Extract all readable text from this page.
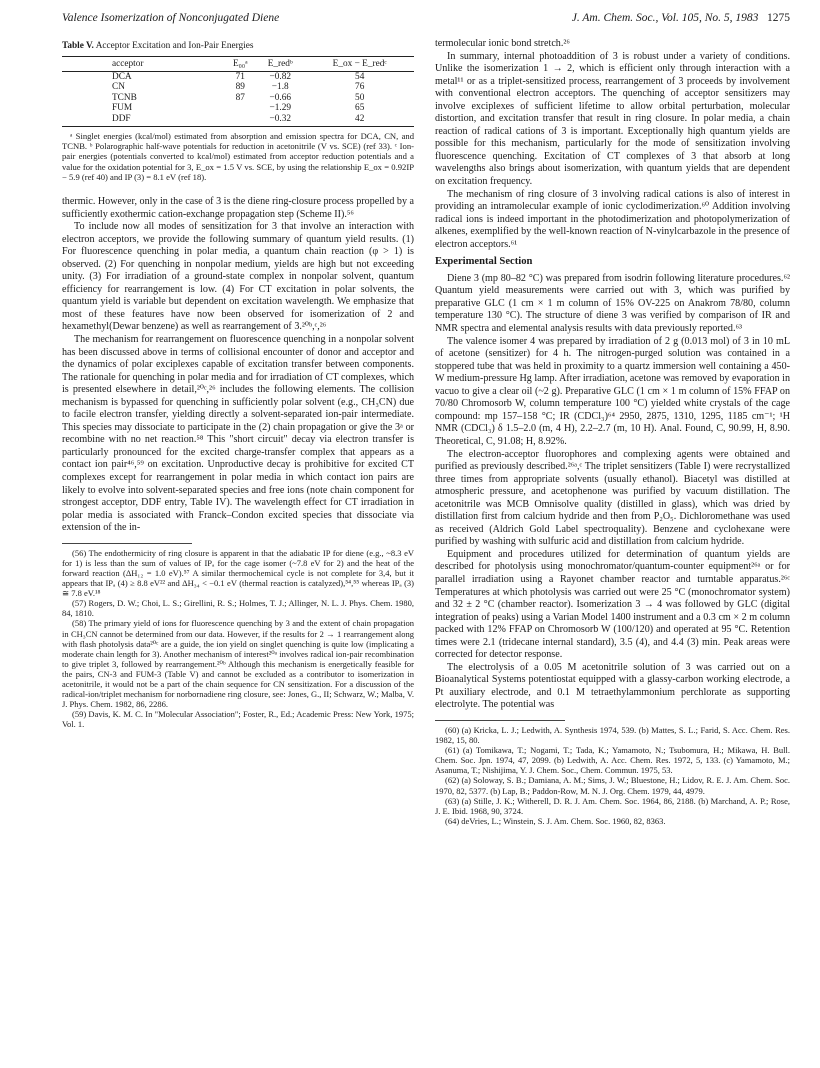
Valence Isomerization of Nonconjugated Diene	J. Am. Chem. Soc., Vol. 105, No. 5, 1983 1275
Table V. Acceptor Excitation and Ion-Pair Energies
acceptor	E₀₀ᵃ	E_redᵇ	E_ox − E_redᶜ
DCA	71	−0.82	54
CN	89	−1.8	76
TCNB	87	−0.66	50
FUM		−1.29	65
DDF		−0.32	42

ᵃ Singlet energies (kcal/mol) estimated from absorption and emission spectra for DCA, CN, and TCNB. ᵇ Polarographic half-wave potentials for reduction in acetonitrile (V vs. SCE) (ref 33). ᶜ Ion-pair energies (potentials converted to kcal/mol) estimated from acceptor reduction potentials and a value for the oxidation potential for 3, E_ox = 1.5 V vs. SCE, by using the relationship E_ox = 0.92IP − 5.9 (ref 40) and IP (3) = 8.1 eV (ref 18).

thermic. However, only in the case of 3 is the diene ring-closure process propelled by a sufficiently exothermic cation-exchange propagation step (Scheme II).⁵⁶

To include now all modes of sensitization for 3 that involve an interaction with electron acceptors, we provide the following summary of quantum yield results. (1) For fluorescence quenching in polar media, a quantum chain reaction (φ > 1) is observed. (2) For quenching in nonpolar medium, yields are high but not exceeding unity. (3) For irradiation of a ground-state complex in nonpolar solvent, quantum efficiency for rearrangement is low. (4) For CT excitation in polar solvents, the quantum yield is variable but dependent on excitation wavelength. We emphasize that most of these features have now been observed for isomerization of 2 and hexamethyl(Dewar benzene) as well as rearrangement of 3.²⁰ᵇ,ᶜ,²⁶

The mechanism for rearrangement on fluorescence quenching in a nonpolar solvent has been discussed above in terms of collisional encounter of donor and acceptor and the dynamics of polar exciplexes capable of excitation transfer between components. The rationale for quenching in polar media and for irradiation of CT complexes, which is presented elsewhere in detail,²⁰ᶜ,²⁶ includes the following elements. The collision mechanism is bypassed for quenching in sufficiently polar solvent (e.g., CH₃CN) due to facile electron transfer, yielding directly a solvent-separated ion-pair intermediate. This species may dissociate to participate in the (2) chain propagation or give the 3ᵃ or recombine with no net reaction.⁵⁸ This "short circuit" decay via electron transfer is particularly pronounced for the excited charge-transfer complex that appears as a contact ion pair⁴⁶,⁵⁹ on excitation. Unproductive decay is prohibitive for excited CT complexes except for rearrangement in polar media in which contact ion pairs are likely to evolve into solvent-separated species and free ions (note chain component for strongest acceptor, DDF entry, Table IV). The wavelength effect for CT irradiation in polar media is associated with Franck–Condon excited species that dissociate via extension of the in-

(56) The endothermicity of ring closure is apparent in that the adiabatic IP for diene (e.g., ~8.3 eV for 1) is less than the sum of values of IPₐ for the cage isomer (~7.8 eV for 2) and the heat of the forward reaction (ΔH₁₂ = 1.0 eV).⁵⁷ A similar thermochemical cycle is not complete for 3,4, but it appears that IPₐ (4) ≥ 8.8 eV²² and ΔH₃₄ < −0.1 eV (thermal reaction is catalyzed),⁵⁴,⁵⁵ whereas IPₐ (3) ≅ 7.8 eV.¹⁸

(57) Rogers, D. W.; Choi, L. S.; Girellini, R. S.; Holmes, T. J.; Allinger, N. L. J. Phys. Chem. 1980, 84, 1810.

(58) The primary yield of ions for fluorescence quenching by 3 and the extent of chain propagation in CH₃CN cannot be determined from our data. However, if the results for 2 → 1 rearrangement along with flash photolysis data²⁰ᶜ are a guide, the ion yield on singlet quenching is quite low (implicating a moderate chain length for 3). Another mechanism of interest²⁰ᵃ involves radical ion-pair recombination to give triplet 3, followed by rearrangement.²⁰ᵇ Although this mechanism is energetically feasible for the pairs, CN-3 and FUM-3 (Table V) and cannot be excluded as a contributor to isomerization in acetonitrile, it would not be a part of the chain sequence for CN sensitization. For a discussion of the radical-ion/triplet mechanism for norbornadiene ring closure, see: Jones, G., II; Schwarz, W.; Malba, V. J. Phys. Chem. 1982, 86, 2286.

(59) Davis, K. M. C. In "Molecular Association"; Foster, R., Ed.; Academic Press: New York, 1975; Vol. 1.

termolecular ionic bond stretch.²⁶

In summary, internal photoaddition of 3 is robust under a variety of conditions. Unlike the isomerization 1 → 2, which is efficient only through interaction with a metal¹¹ or as a triplet-sensitized process, rearrangement of 3 proceeds by involvement with conventional electron acceptors. The quenching of acceptor sensitizers may involve exciplexes of sufficient lifetime to allow orbital perturbation, molecular distortion, and excitation transfer that result in ring closure. In polar media, a chain reaction of radical cations of 3 is important. Exceptionally high quantum yields are possible for this mechanism, particularly for the mode of sensitization involving fluorescence quenching. Excitation of CT complexes of 3 that absorb at long wavelengths also brings about isomerization, with quantum yields that are dependent on excitation frequency.

The mechanism of ring closure of 3 involving radical cations is also of interest in providing an intramolecular example of ionic cyclodimerization.⁶⁰ Addition involving radical ions is indeed important in the photodimerization and photopolymerization of alkenes, exemplified by the well-known reaction of N-vinylcarbazole in the presence of electron acceptors.⁶¹

Experimental Section

Diene 3 (mp 80–82 °C) was prepared from isodrin following literature procedures.⁶² Quantum yield measurements were carried out with 3, which was purified by preparative GLC (1 cm × 1 m column of 15% OV-225 on Anakrom 78/80, column temperature 130 °C). The structure of diene 3 was verified by comparison of IR and NMR spectra and elemental analysis results with data previously reported.⁶³

The valence isomer 4 was prepared by irradiation of 2 g (0.013 mol) of 3 in 10 mL of acetone (sensitizer) for 4 h. The nitrogen-purged solution was contained in a stoppered tube that was held in proximity to a quartz immersion well containing a 450-W medium-pressure Hg lamp. After irradiation, acetone was removed by evaporation in vacuo to give a clear oil (~2 g). Preparative GLC (1 cm × 1 m column of 15% FFAP on 70/80 Chromosorb W, column temperature 100 °C) yielded white crystals of the cage compound: mp 157–158 °C; IR (CDCl₃)⁶⁴ 2950, 2875, 1310, 1295, 1185 cm⁻¹; ¹H NMR (CDCl₃) δ 1.5–2.0 (m, 4 H), 2.2–2.7 (m, 10 H). Anal. Found, C, 90.99, H, 8.90. Theoretical, C, 91.08; H, 8.92%.

The electron-acceptor fluorophores and complexing agents were obtained and purified as previously described.²⁶ᵃ,ᶜ The triplet sensitizers (Table I) were recrystallized three times from appropriate solvents (usually ethanol). Biacetyl was distilled at atmospheric pressure, and acetophenone was purified by vacuum distillation. The acetonitrile was MCB Omnisolve quality (distilled in glass), which was dried by distillation first from calcium hydride and then from P₂O₅. Dichloromethane was used as received (Aldrich Gold Label spectroquality). Benzene and cyclohexane were purified by washing with sulfuric acid and distillation from calcium hydride.

Equipment and procedures utilized for determination of quantum yields are described for photolysis using monochromator/quantum-counter equipment²⁶ᵃ or for parallel irradiation using a Rayonet chamber reactor and turntable apparatus.²⁶ᶜ Temperatures at which photolysis was carried out were 25 °C (monochromator system) and 32 ± 2 °C (chamber reactor). Isomerization 3 → 4 was followed by GLC (digital integration of peaks) using a Varian Model 1400 instrument and a 0.3 cm × 2 m column packed with 12% FFAP on Chromosorb W (100/120) and operated at 95 °C. Retention times were 2.1 (tridecane internal standard), 3.5 (4), and 4.4 (3) min. Peak areas were corrected for detector response.

The electrolysis of a 0.05 M acetonitrile solution of 3 was carried out on a Bioanalytical Systems potentiostat equipped with a glassy-carbon working electrode, a Pt auxiliary electrode, and 0.1 M tetraethylammonium perchlorate as supporting electrolyte. The potential was

(60) (a) Kricka, L. J.; Ledwith, A. Synthesis 1974, 539. (b) Mattes, S. L.; Farid, S. Acc. Chem. Res. 1982, 15, 80.

(61) (a) Tomikawa, T.; Nogami, T.; Tada, K.; Yamamoto, N.; Tsubomura, H.; Mikawa, H. Bull. Chem. Soc. Jpn. 1974, 47, 2099. (b) Ledwith, A. Acc. Chem. Res. 1972, 5, 133. (c) Yamamoto, M.; Asanuma, T.; Nishijima, Y. J. Chem. Soc., Chem. Commun. 1975, 53.

(62) (a) Soloway, S. B.; Damiana, A. M.; Sims, J. W.; Bluestone, H.; Lidov, R. E. J. Am. Chem. Soc. 1970, 82, 5377. (b) Lap, B.; Paddon-Row, M. N. J. Org. Chem. 1979, 44, 4979.

(63) (a) Stille, J. K.; Witherell, D. R. J. Am. Chem. Soc. 1964, 86, 2188. (b) Marchand, A. P.; Rose, J. E. Ibid. 1968, 90, 3724.

(64) deVries, L.; Winstein, S. J. Am. Chem. Soc. 1960, 82, 8363.
